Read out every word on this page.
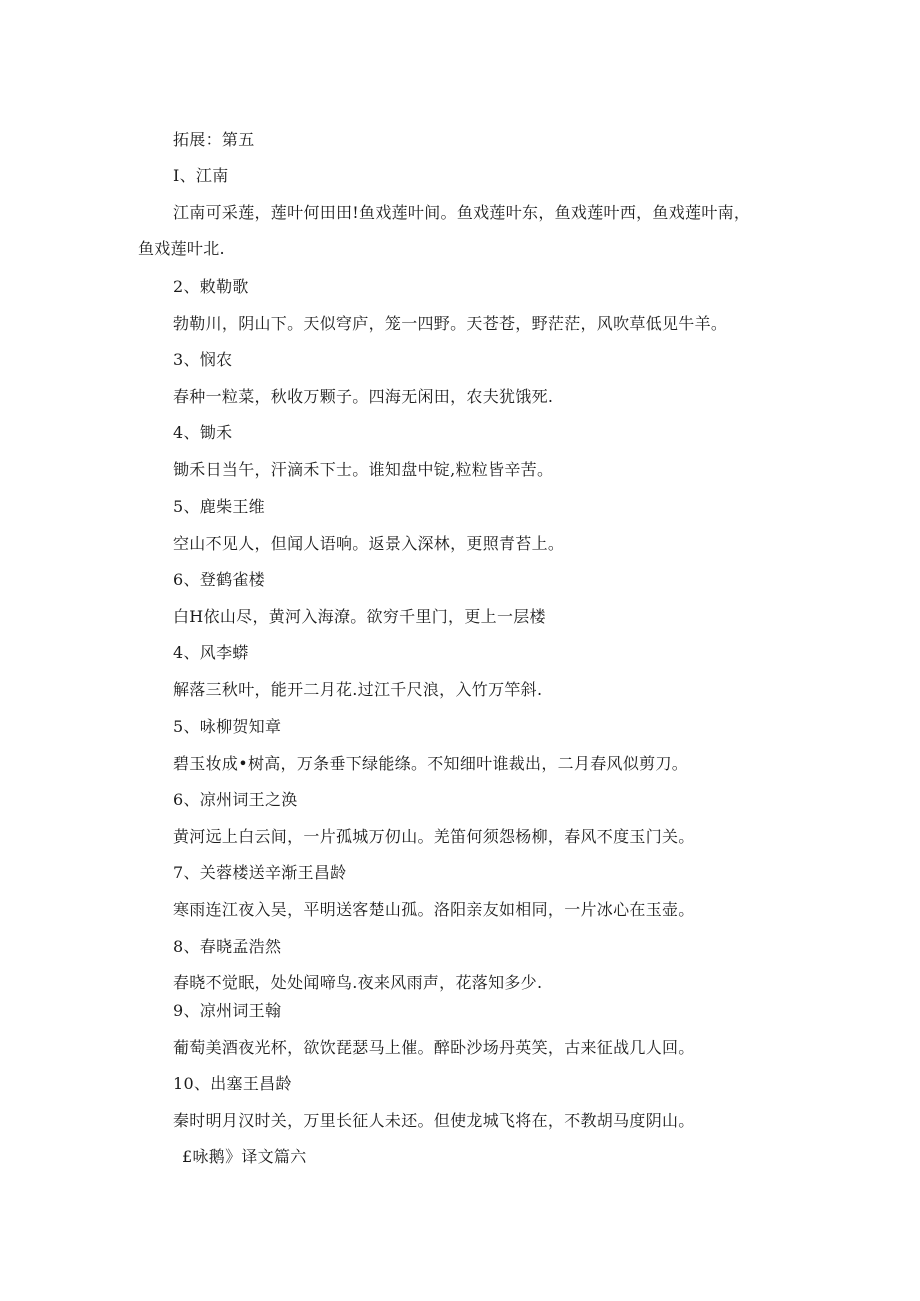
拓展：第五
I、江南
江南可采莲，莲叶何田田!鱼戏莲叶间。鱼戏莲叶东，鱼戏莲叶西，鱼戏莲叶南，
鱼戏莲叶北.
2、敕勒歌
勃勒川，阴山下。天似穹庐，笼一四野。天苍苍，野茫茫，风吹草低见牛羊。
3、悯农
春种一粒菜，秋收万颗子。四海无闲田，农夫犹饿死.
4、锄禾
锄禾日当午，汗滴禾下士。谁知盘中锭,粒粒皆辛苦。
5、鹿柴王维
空山不见人，但闻人语响。返景入深林，更照青苔上。
6、登鹤雀楼
白H依山尽，黄河入海潦。欲穷千里门，更上一层楼
4、风李蟒
解落三秋叶，能开二月花.过江千尺浪，入竹万竿斜.
5、咏柳贺知章
碧玉妆成•树高，万条垂下绿能绦。不知细叶谁裁出，二月春风似剪刀。
6、凉州词王之涣
黄河远上白云间，一片孤城万仞山。羌笛何须怨杨柳，春风不度玉门关。
7、关蓉楼送辛渐王昌龄
寒雨连江夜入吴，平明送客楚山孤。洛阳亲友如相同，一片冰心在玉壶。
8、春晓孟浩然
春晓不觉眠，处处闻啼鸟.夜来风雨声，花落知多少.
9、凉州词王翰
葡萄美酒夜光杯，欲饮琵瑟马上催。醉卧沙场丹英笑，古来征战几人回。
10、出塞王昌龄
秦时明月汉时关，万里长征人未还。但使龙城飞将在，不教胡马度阴山。
£咏鹅》译文篇六
